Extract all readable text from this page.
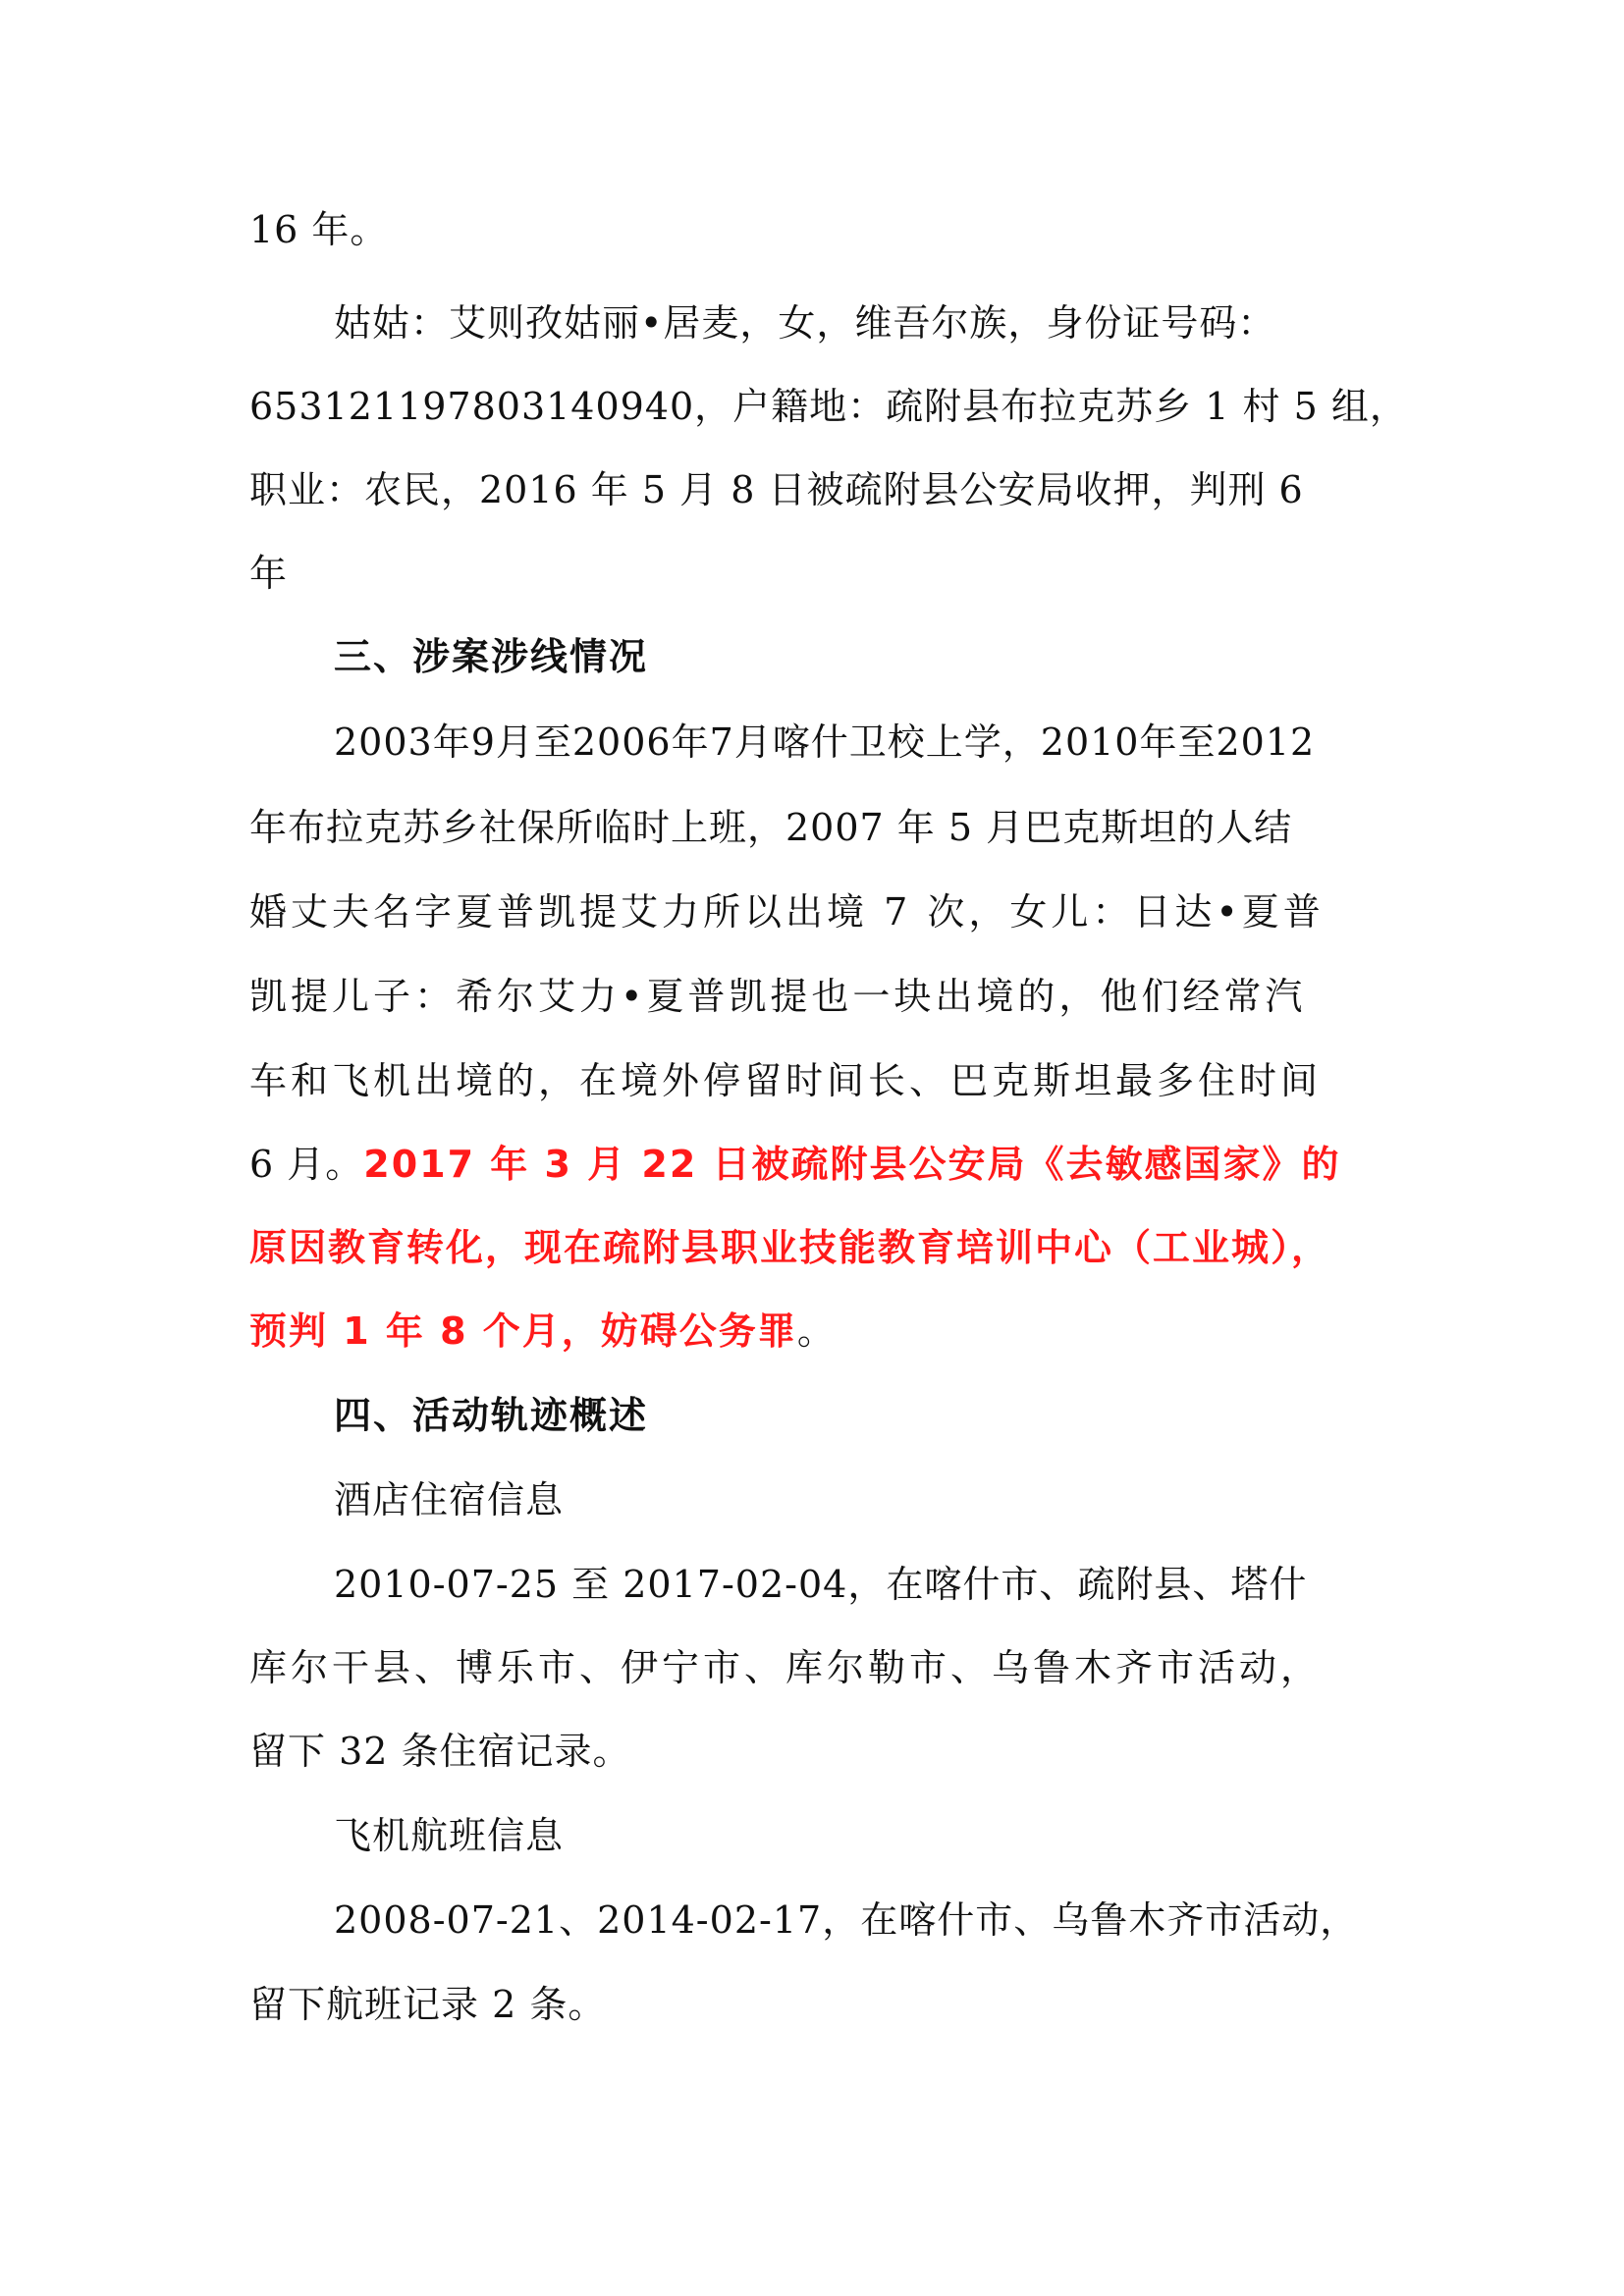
16 年。
姑姑：艾则孜姑丽•居麦，女，维吾尔族，身份证号码：
653121197803140940，户籍地：疏附县布拉克苏乡 1 村 5 组，
职业：农民，2016 年 5 月 8 日被疏附县公安局收押，判刑 6
年
三、涉案涉线情况
2003年9月至2006年7月喀什卫校上学，2010年至2012
年布拉克苏乡社保所临时上班，2007 年 5 月巴克斯坦的人结
婚丈夫名字夏普凯提艾力所以出境 7 次，女儿：日达•夏普
凯提儿子：希尔艾力•夏普凯提也一块出境的，他们经常汽
车和飞机出境的，在境外停留时间长、巴克斯坦最多住时间
6 月。2017 年 3 月 22 日被疏附县公安局《去敏感国家》的
原因教育转化，现在疏附县职业技能教育培训中心（工业城），
预判 1 年 8 个月，妨碍公务罪。
四、活动轨迹概述
酒店住宿信息
2010-07-25 至 2017-02-04，在喀什市、疏附县、塔什
库尔干县、博乐市、伊宁市、库尔勒市、乌鲁木齐市活动，
留下 32 条住宿记录。
飞机航班信息
2008-07-21、2014-02-17，在喀什市、乌鲁木齐市活动，
留下航班记录 2 条。
